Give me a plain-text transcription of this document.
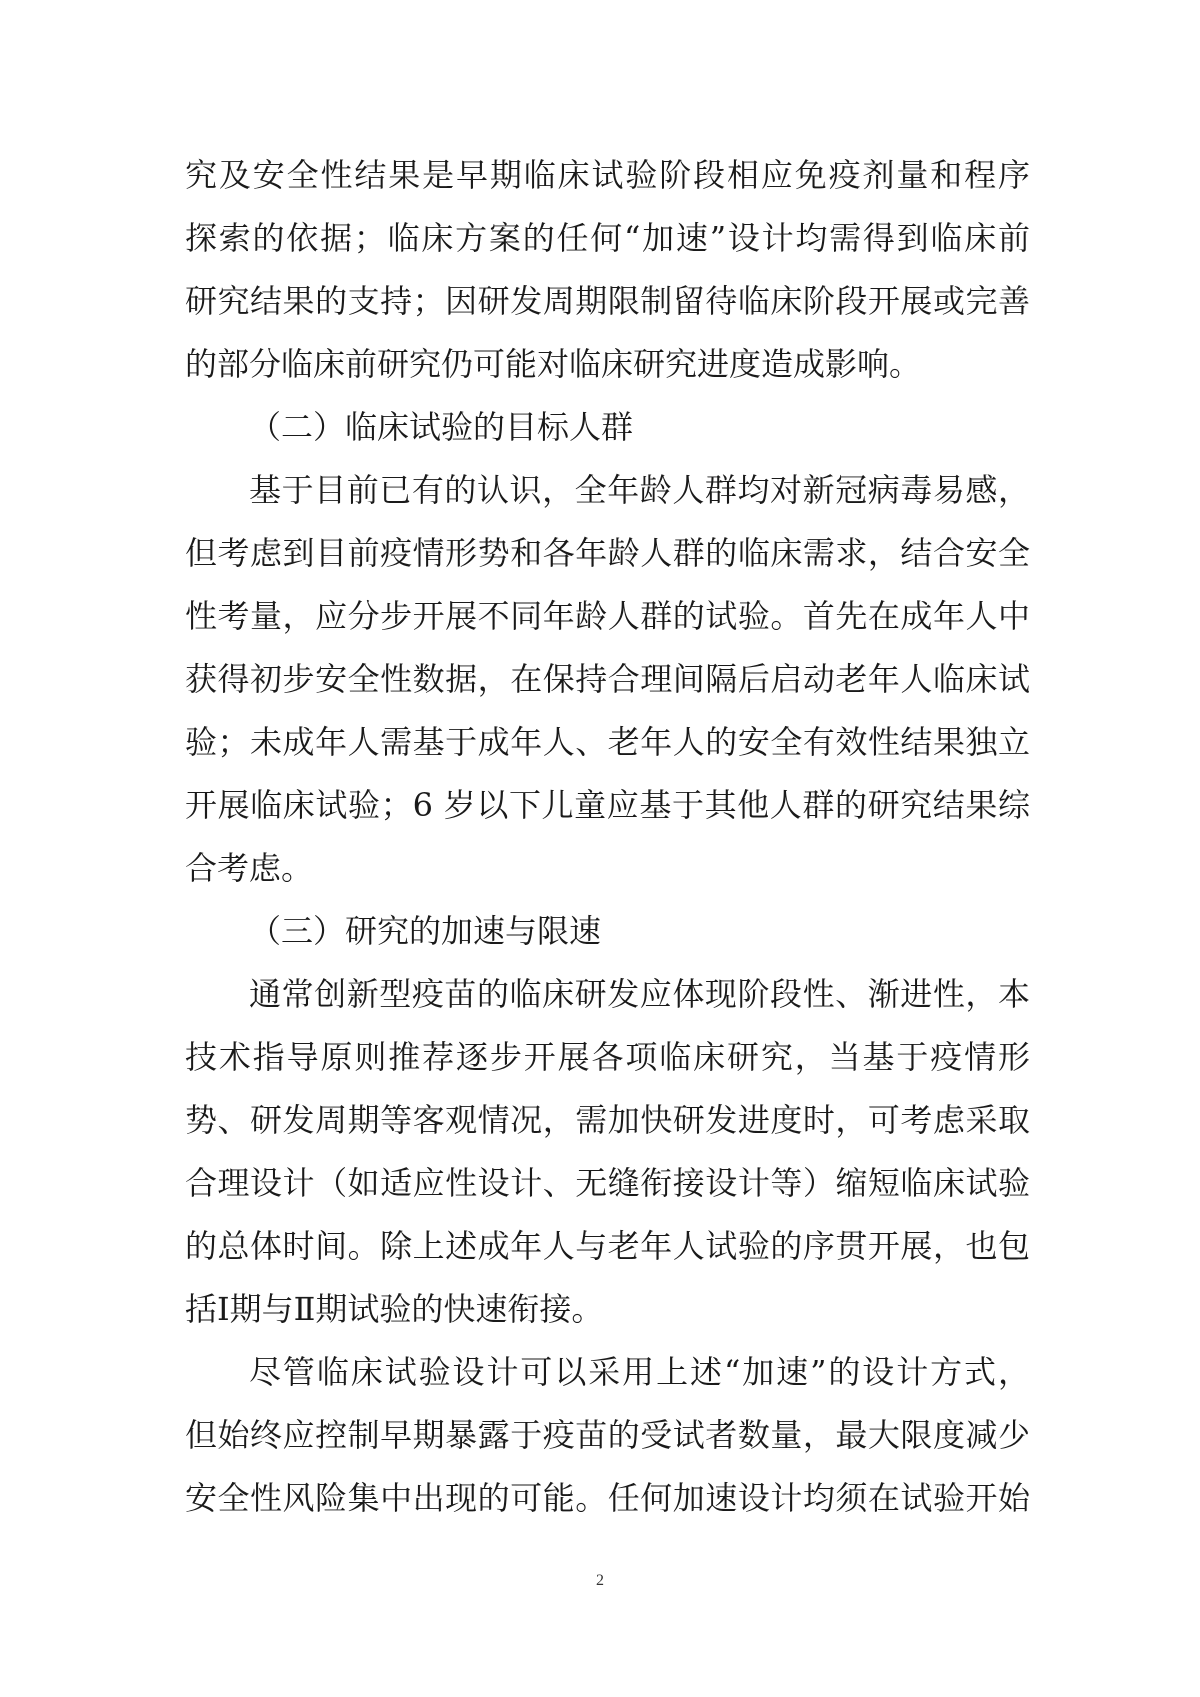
究及安全性结果是早期临床试验阶段相应免疫剂量和程序
探索的依据；临床方案的任何“加速”设计均需得到临床前
研究结果的支持；因研发周期限制留待临床阶段开展或完善
的部分临床前研究仍可能对临床研究进度造成影响。
（二）临床试验的目标人群
基于目前已有的认识，全年龄人群均对新冠病毒易感，
但考虑到目前疫情形势和各年龄人群的临床需求，结合安全
性考量，应分步开展不同年龄人群的试验。首先在成年人中
获得初步安全性数据，在保持合理间隔后启动老年人临床试
验；未成年人需基于成年人、老年人的安全有效性结果独立
开展临床试验；6 岁以下儿童应基于其他人群的研究结果综
合考虑。
（三）研究的加速与限速
通常创新型疫苗的临床研发应体现阶段性、渐进性，本
技术指导原则推荐逐步开展各项临床研究，当基于疫情形
势、研发周期等客观情况，需加快研发进度时，可考虑采取
合理设计（如适应性设计、无缝衔接设计等）缩短临床试验
的总体时间。除上述成年人与老年人试验的序贯开展，也包
括Ⅰ期与Ⅱ期试验的快速衔接。
尽管临床试验设计可以采用上述“加速”的设计方式，
但始终应控制早期暴露于疫苗的受试者数量，最大限度减少
安全性风险集中出现的可能。任何加速设计均须在试验开始
2
